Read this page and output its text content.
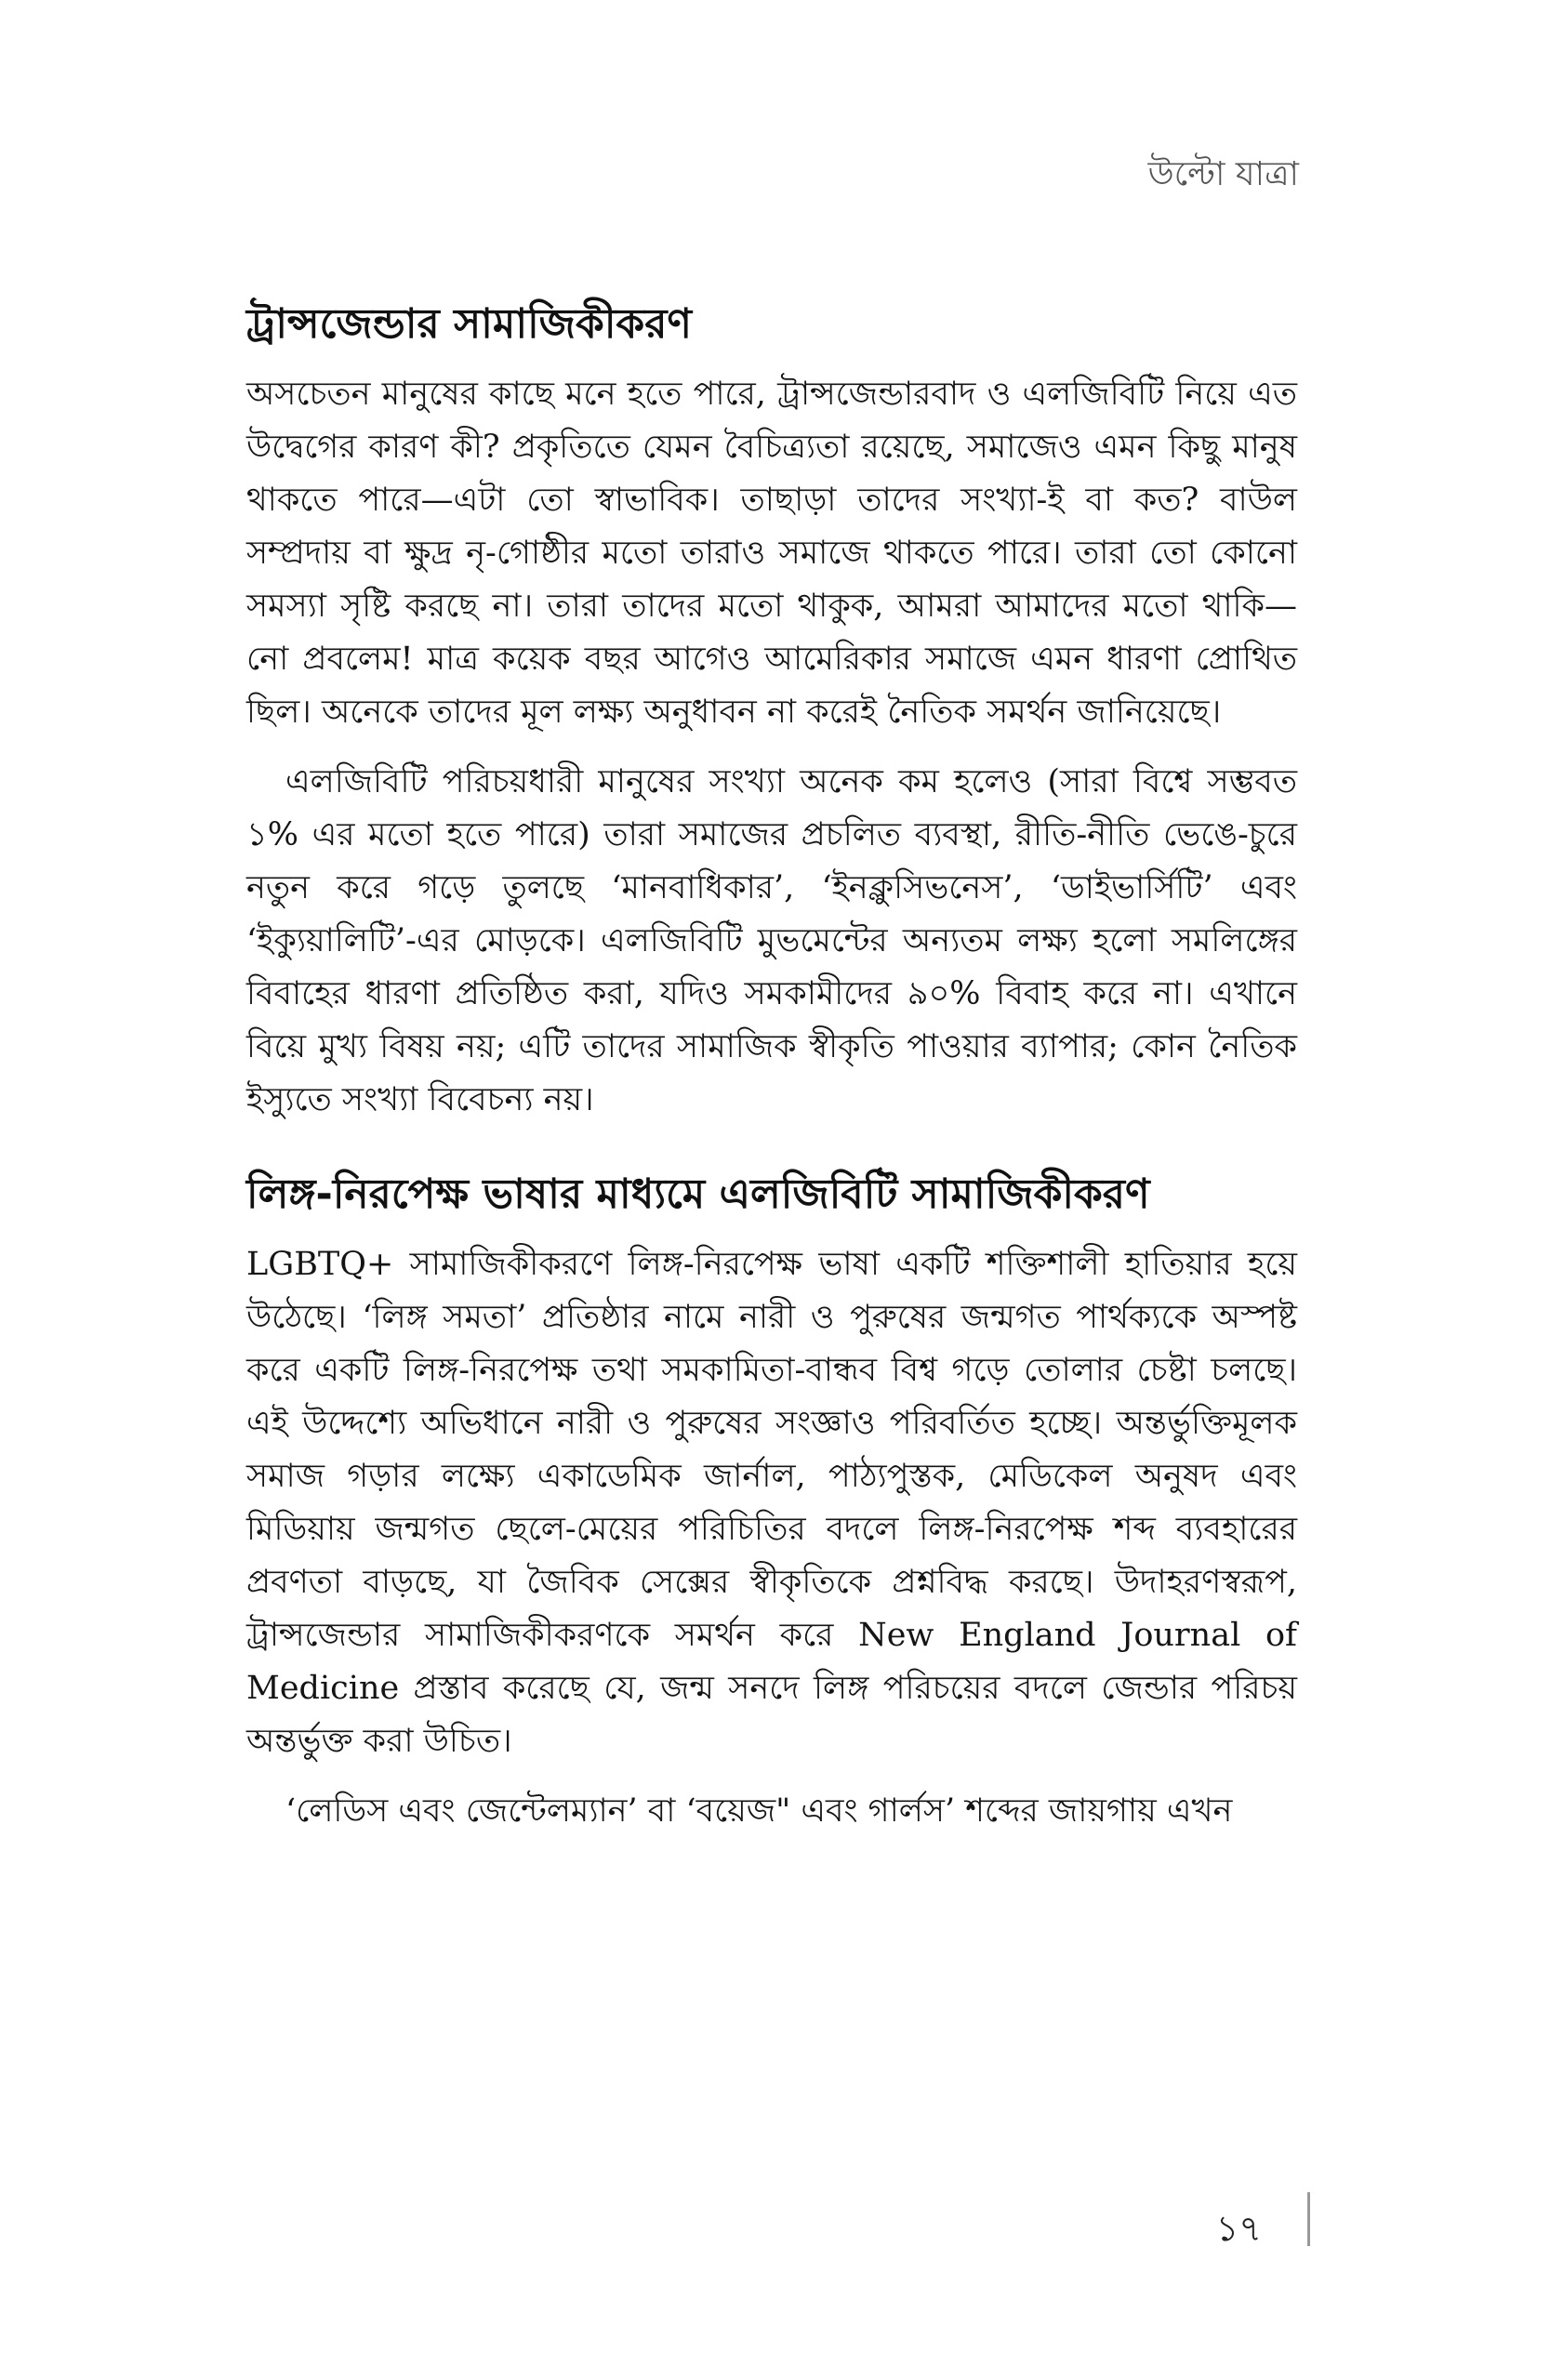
উল্টো যাত্রা
ট্রান্সজেন্ডার সামাজিকীকরণ

অসচেতন মানুষের কাছে মনে হতে পারে, ট্রান্সজেন্ডারবাদ ও এলজিবিটি নিয়ে এত উদ্বেগের কারণ কী? প্রকৃতিতে যেমন বৈচিত্র্যতা রয়েছে, সমাজেও এমন কিছু মানুষ থাকতে পারে—এটা তো স্বাভাবিক। তাছাড়া তাদের সংখ্যা-ই বা কত? বাউল সম্প্রদায় বা ক্ষুদ্র নৃ-গোষ্ঠীর মতো তারাও সমাজে থাকতে পারে। তারা তো কোনো সমস্যা সৃষ্টি করছে না। তারা তাদের মতো থাকুক, আমরা আমাদের মতো থাকি—নো প্রবলেম! মাত্র কয়েক বছর আগেও আমেরিকার সমাজে এমন ধারণা প্রোথিত ছিল। অনেকে তাদের মূল লক্ষ্য অনুধাবন না করেই নৈতিক সমর্থন জানিয়েছে।

এলজিবিটি পরিচয়ধারী মানুষের সংখ্যা অনেক কম হলেও (সারা বিশ্বে সম্ভবত ১% এর মতো হতে পারে) তারা সমাজের প্রচলিত ব্যবস্থা, রীতি-নীতি ভেঙে-চুরে নতুন করে গড়ে তুলছে ‘মানবাধিকার’, ‘ইনক্লুসিভনেস’, ‘ডাইভার্সিটি’ এবং ‘ইক্যুয়ালিটি’-এর মোড়কে। এলজিবিটি মুভমেন্টের অন্যতম লক্ষ্য হলো সমলিঙ্গের বিবাহের ধারণা প্রতিষ্ঠিত করা, যদিও সমকামীদের ৯০% বিবাহ করে না। এখানে বিয়ে মুখ্য বিষয় নয়; এটি তাদের সামাজিক স্বীকৃতি পাওয়ার ব্যাপার; কোন নৈতিক ইস্যুতে সংখ্যা বিবেচন্য নয়।

লিঙ্গ-নিরপেক্ষ ভাষার মাধ্যমে এলজিবিটি সামাজিকীকরণ

LGBTQ+ সামাজিকীকরণে লিঙ্গ-নিরপেক্ষ ভাষা একটি শক্তিশালী হাতিয়ার হয়ে উঠেছে। ‘লিঙ্গ সমতা’ প্রতিষ্ঠার নামে নারী ও পুরুষের জন্মগত পার্থক্যকে অস্পষ্ট করে একটি লিঙ্গ-নিরপেক্ষ তথা সমকামিতা-বান্ধব বিশ্ব গড়ে তোলার চেষ্টা চলছে। এই উদ্দেশ্যে অভিধানে নারী ও পুরুষের সংজ্ঞাও পরিবর্তিত হচ্ছে। অন্তর্ভুক্তিমূলক সমাজ গড়ার লক্ষ্যে একাডেমিক জার্নাল, পাঠ্যপুস্তক, মেডিকেল অনুষদ এবং মিডিয়ায় জন্মগত ছেলে-মেয়ের পরিচিতির বদলে লিঙ্গ-নিরপেক্ষ শব্দ ব্যবহারের প্রবণতা বাড়ছে, যা জৈবিক সেক্সের স্বীকৃতিকে প্রশ্নবিদ্ধ করছে। উদাহরণস্বরূপ, ট্রান্সজেন্ডার সামাজিকীকরণকে সমর্থন করে New England Journal of Medicine প্রস্তাব করেছে যে, জন্ম সনদে লিঙ্গ পরিচয়ের বদলে জেন্ডার পরিচয় অন্তর্ভুক্ত করা উচিত।

‘লেডিস এবং জেন্টেলম্যান’ বা ‘বয়েজ" এবং গার্লস’ শব্দের জায়গায় এখন

১৭
